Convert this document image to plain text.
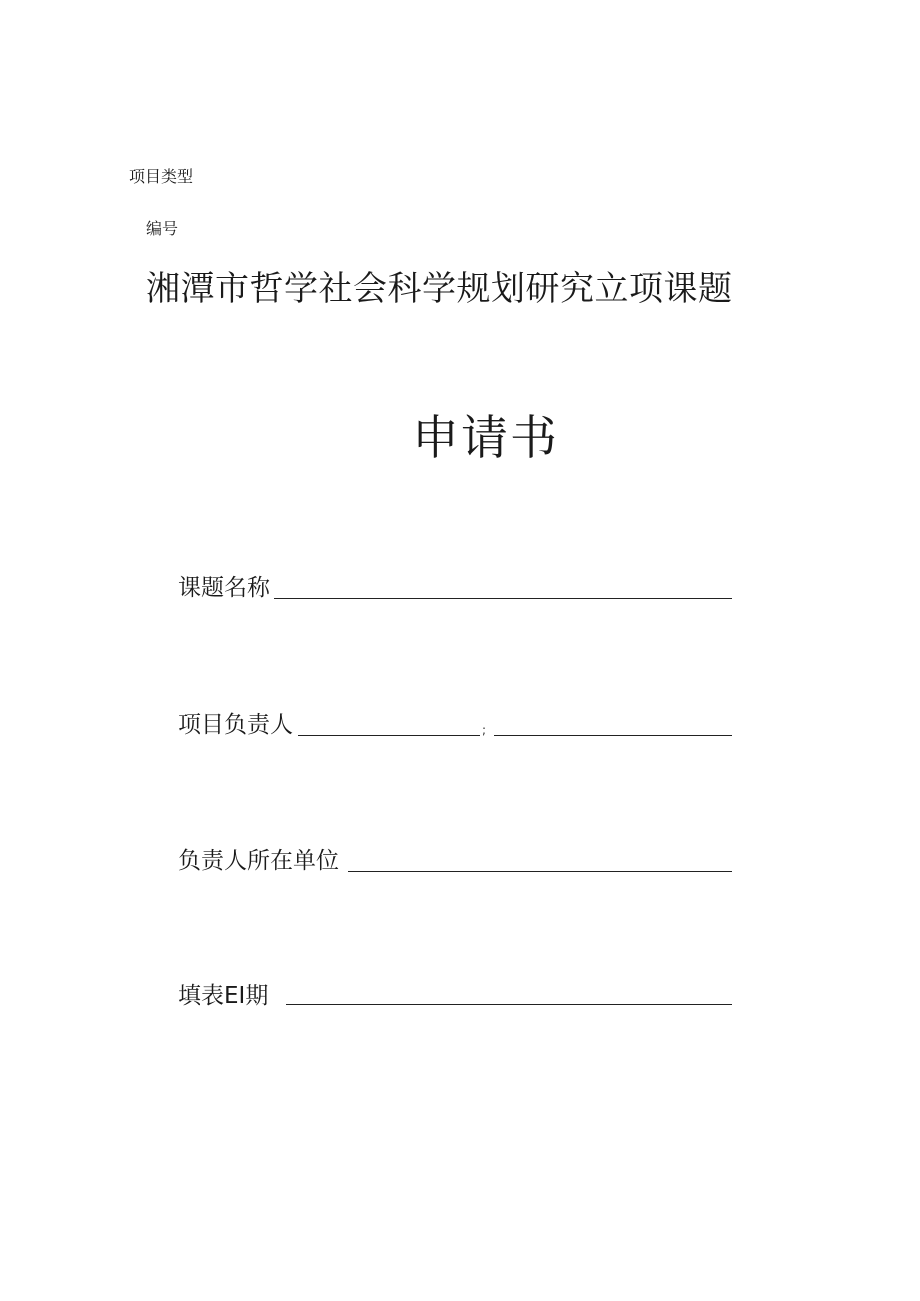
项目类型
编号
湘潭市哲学社会科学规划研究立项课题
申请书
课题名称
项目负责人	;
负责人所在单位
填表EI期
